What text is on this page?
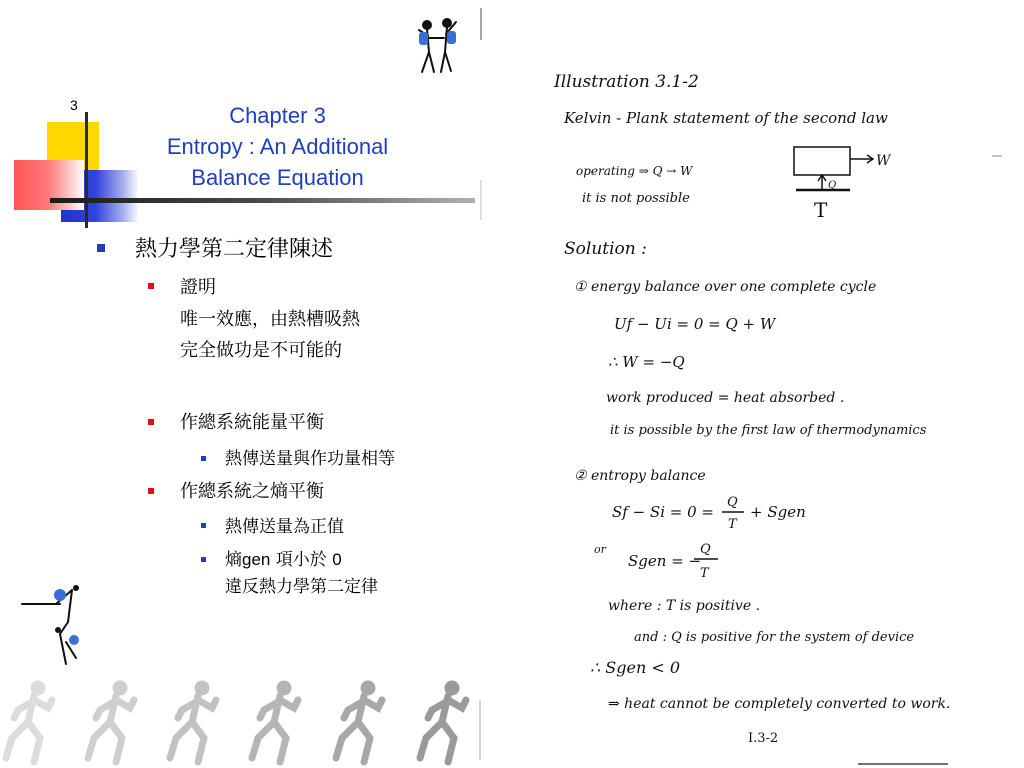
3	Chapter 3
Entropy : An Additional
Balance Equation
熱力學第二定律陳述
證明
唯一效應，由熱槽吸熱
完全做功是不可能的
作總系統能量平衡
熱傳送量與作功量相等
作總系統之熵平衡
熱傳送量為正值
熵gen 項小於 0
違反熱力學第二定律
Illustration 3.1-2
Kelvin - Plank statement of the second law
operating ⇒ Q → W
it is not possible
W
Q
T
Solution :
① energy balance over one complete cycle
Uf − Ui = 0 = Q + W
∴ W = −Q
work produced = heat absorbed .
it is possible by the first law of thermodynamics
② entropy balance
Sf − Si = 0 =
Q
T
+ Sgen
or
Sgen = −
Q
T
where : T is positive .
and : Q is positive for the system of device
∴ Sgen < 0
⇒ heat cannot be completely converted to work.
I.3-2
